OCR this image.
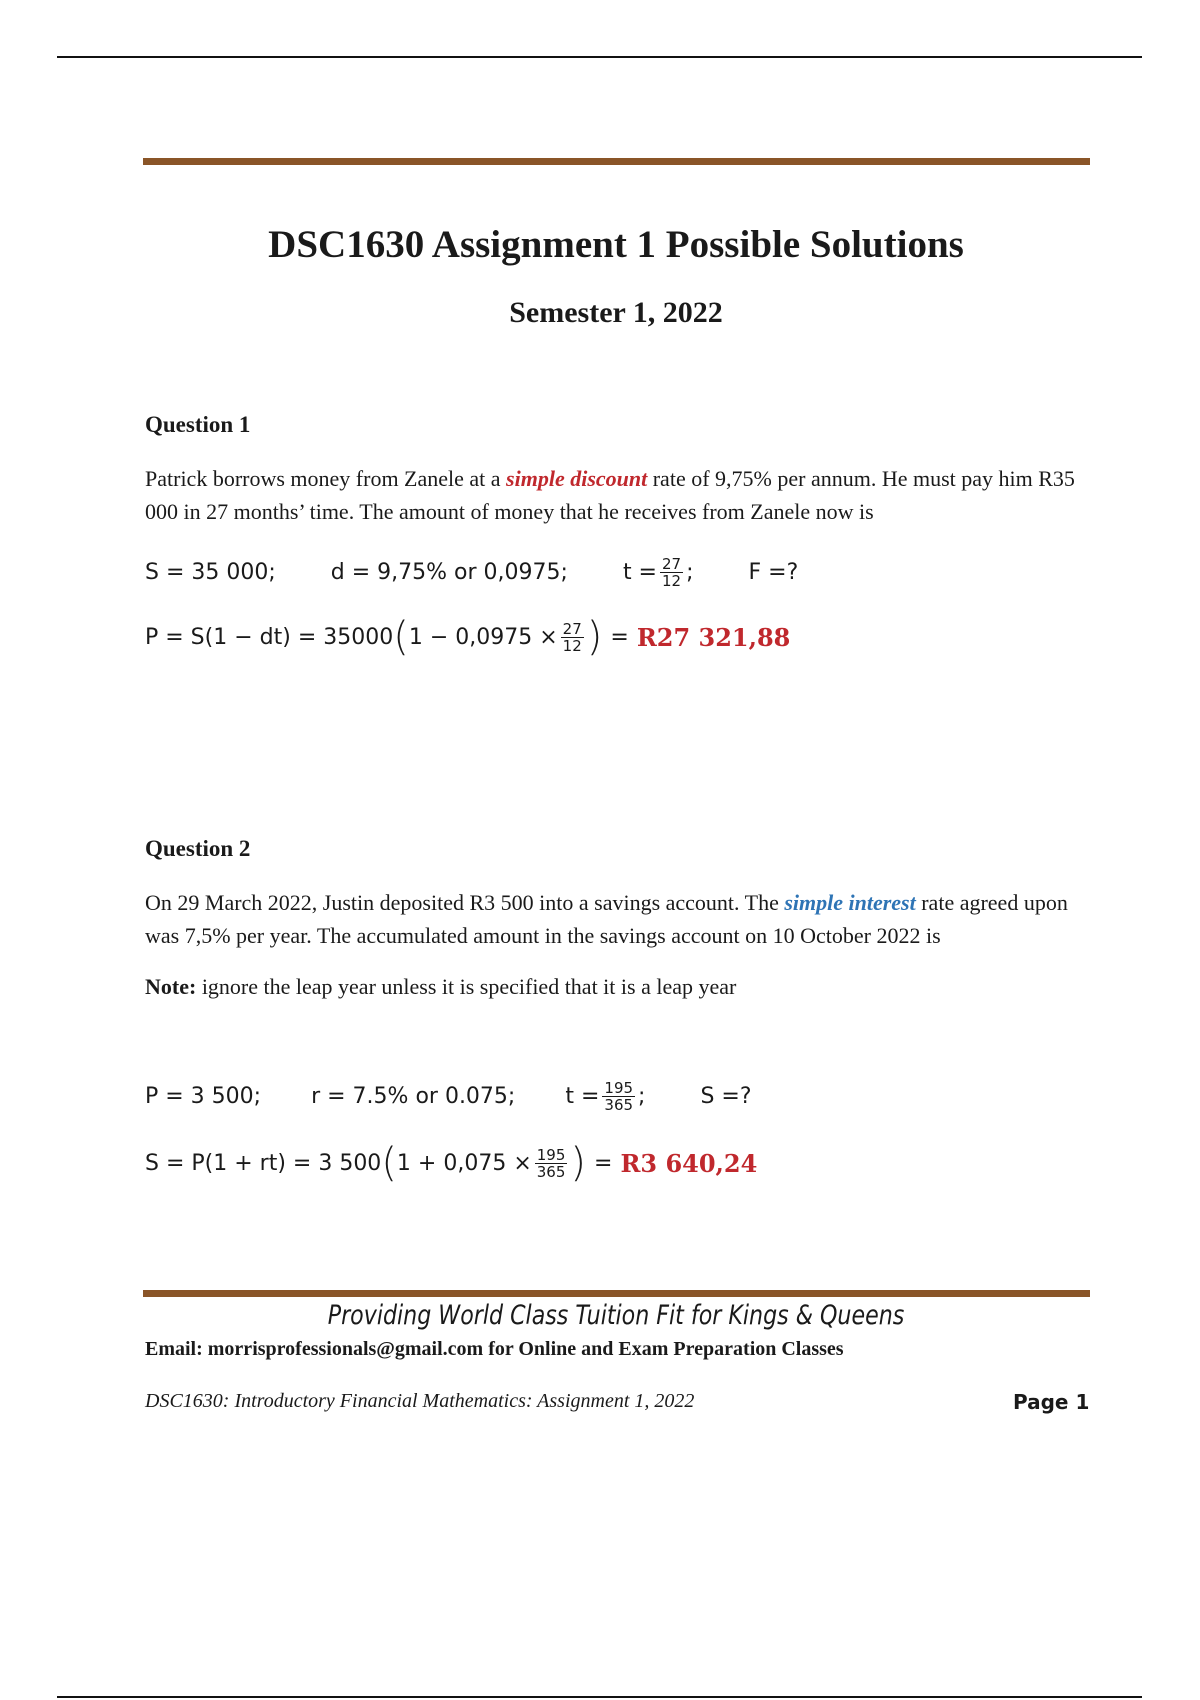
DSC1630 Assignment 1 Possible Solutions
Semester 1, 2022
Question 1
Patrick borrows money from Zanele at a simple discount rate of 9,75% per annum. He must pay him R35 000 in 27 months’ time. The amount of money that he receives from Zanele now is
S = 35 000;	d = 9,75% or 0,0975;	$t = \frac{27}{12}$ ;	F =?
P = S(1 − dt) = 35000 ( $1 - 0,0975 \times \frac{27}{12}$ ) = R27 321,88
Question 2
On 29 March 2022, Justin deposited R3 500 into a savings account. The simple interest rate agreed upon was 7,5% per year. The accumulated amount in the savings account on 10 October 2022 is
Note: ignore the leap year unless it is specified that it is a leap year
P = 3 500; r = 7.5% or 0.075; $t = \frac{195}{365}$ ;	S =?
S = P(1 + rt) = 3 500 ( $1 + 0,075 \times \frac{195}{365}$ ) = R3 640,24
Providing World Class Tuition Fit for Kings & Queens
Email: morrisprofessionals@gmail.com for Online and Exam Preparation Classes
DSC1630: Introductory Financial Mathematics: Assignment 1, 2022	Page 1
